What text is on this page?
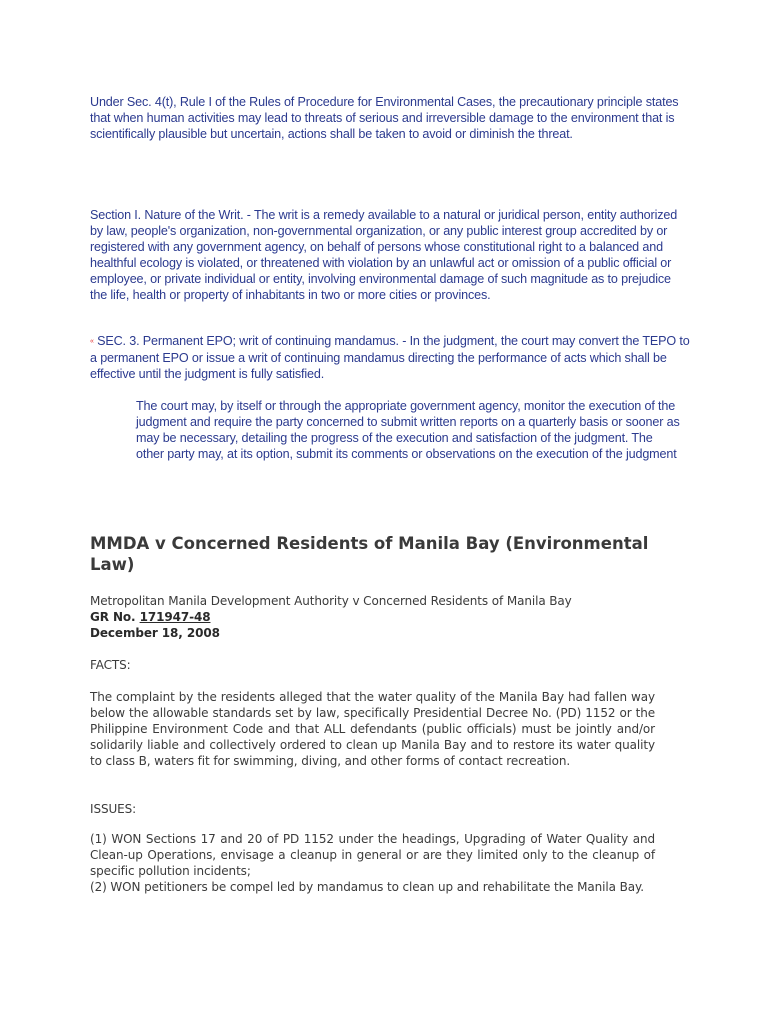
Under Sec. 4(t), Rule I of the Rules of Procedure for Environmental Cases, the precautionary principle states that when human activities may lead to threats of serious and irreversible damage to the environment that is scientifically plausible but uncertain, actions shall be taken to avoid or diminish the threat.

Section I. Nature of the Writ. - The writ is a remedy available to a natural or juridical person, entity authorized by law, people's organization, non-governmental organization, or any public interest group accredited by or registered with any government agency, on behalf of persons whose constitutional right to a balanced and healthful ecology is violated, or threatened with violation by an unlawful act or omission of a public official or employee, or private individual or entity, involving environmental damage of such magnitude as to prejudice the life, health or property of inhabitants in two or more cities or provinces.

« SEC. 3. Permanent EPO; writ of continuing mandamus. - In the judgment, the court may convert the TEPO to a permanent EPO or issue a writ of continuing mandamus directing the performance of acts which shall be effective until the judgment is fully satisfied.

The court may, by itself or through the appropriate government agency, monitor the execution of the judgment and require the party concerned to submit written reports on a quarterly basis or sooner as may be necessary, detailing the progress of the execution and satisfaction of the judgment. The other party may, at its option, submit its comments or observations on the execution of the judgment

MMDA v Concerned Residents of Manila Bay (Environmental Law)
Metropolitan Manila Development Authority v Concerned Residents of Manila Bay
GR No. 171947-48
December 18, 2008
FACTS:

The complaint by the residents alleged that the water quality of the Manila Bay had fallen way below the allowable standards set by law, specifically Presidential Decree No. (PD) 1152 or the Philippine Environment Code and that ALL defendants (public officials) must be jointly and/or solidarily liable and collectively ordered to clean up Manila Bay and to restore its water quality to class B, waters fit for swimming, diving, and other forms of contact recreation.

ISSUES:

(1) WON Sections 17 and 20 of PD 1152 under the headings, Upgrading of Water Quality and Clean-up Operations, envisage a cleanup in general or are they limited only to the cleanup of specific pollution incidents;

(2) WON petitioners be compel led by mandamus to clean up and rehabilitate the Manila Bay.
